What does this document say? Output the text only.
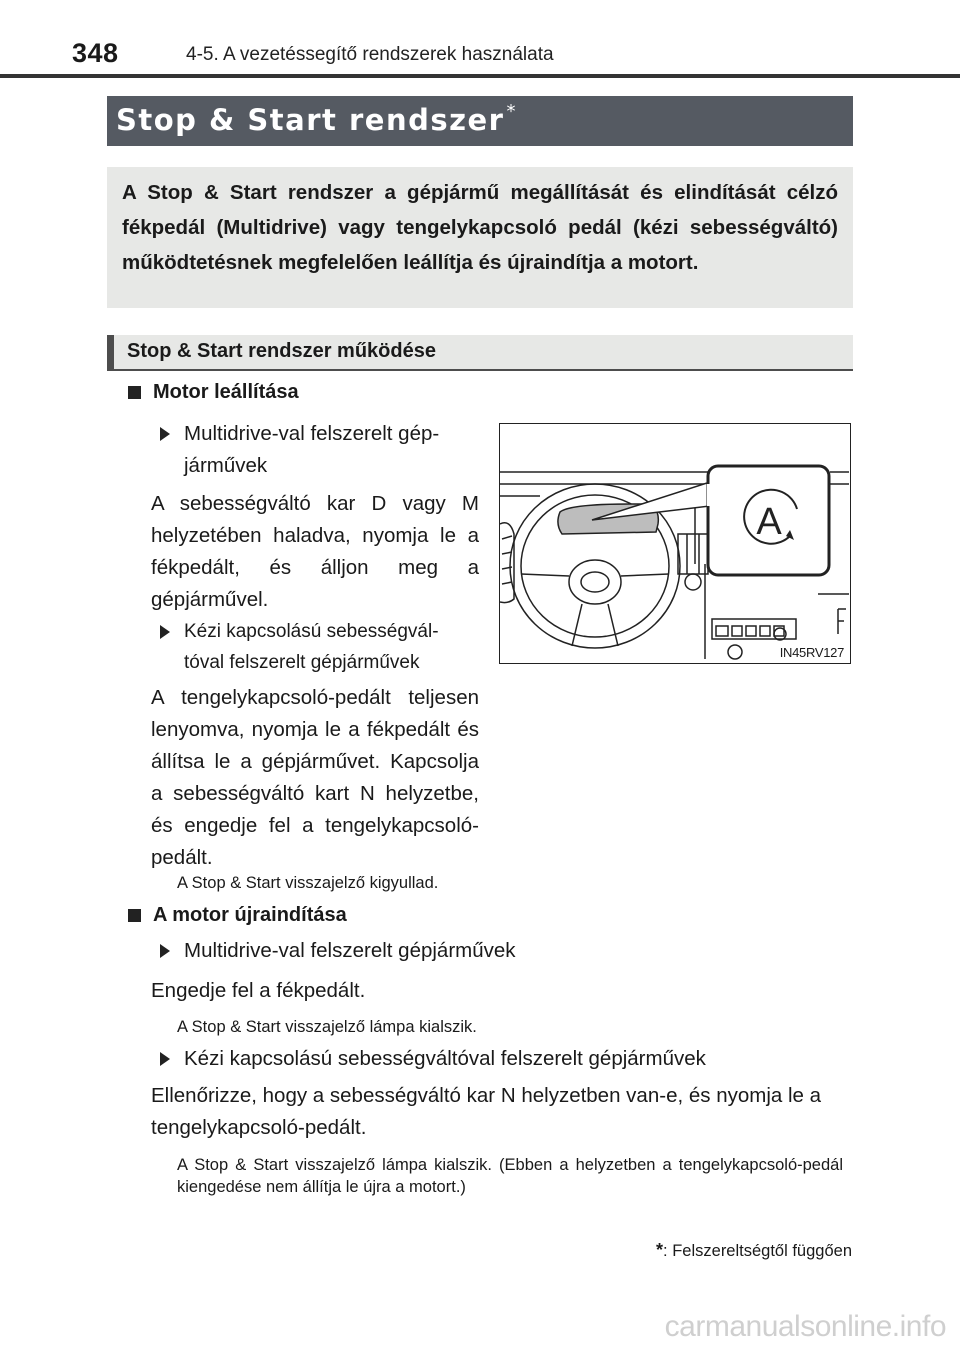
348	4-5. A vezetéssegítő rendszerek használata
Stop & Start rendszer *
A Stop & Start rendszer a gépjármű megállítását és elindítását célzó fékpedál (Multidrive) vagy tengelykapcsoló pedál (kézi sebességváltó) működtetésnek megfelelően leállítja és újraindítja a motort.
Stop & Start rendszer működése
Motor leállítása
Multidrive-val felszerelt gép-
járművek
A sebességváltó kar D vagy M helyzetében haladva, nyomja le a fékpedált, és álljon meg a gépjárművel.
Kézi kapcsolású sebességvál-
tóval felszerelt gépjárművek
A tengelykapcsoló-pedált teljesen lenyomva, nyomja le a fékpedált és állítsa le a gépjárművet. Kapcsolja a sebességváltó kart N helyzetbe, és engedje fel a tengelykapcsoló-pedált.
A Stop & Start visszajelző kigyullad.
A
IN45RV127
A motor újraindítása
Multidrive-val felszerelt gépjárművek
Engedje fel a fékpedált.
A Stop & Start visszajelző lámpa kialszik.
Kézi kapcsolású sebességváltóval felszerelt gépjárművek
Ellenőrizze, hogy a sebességváltó kar N helyzetben van-e, és nyomja le a tengelykapcsoló-pedált.
A Stop & Start visszajelző lámpa kialszik. (Ebben a helyzetben a tengelykapcsoló-pedál kiengedése nem állítja le újra a motort.)
*: Felszereltségtől függően
carmanualsonline.info
